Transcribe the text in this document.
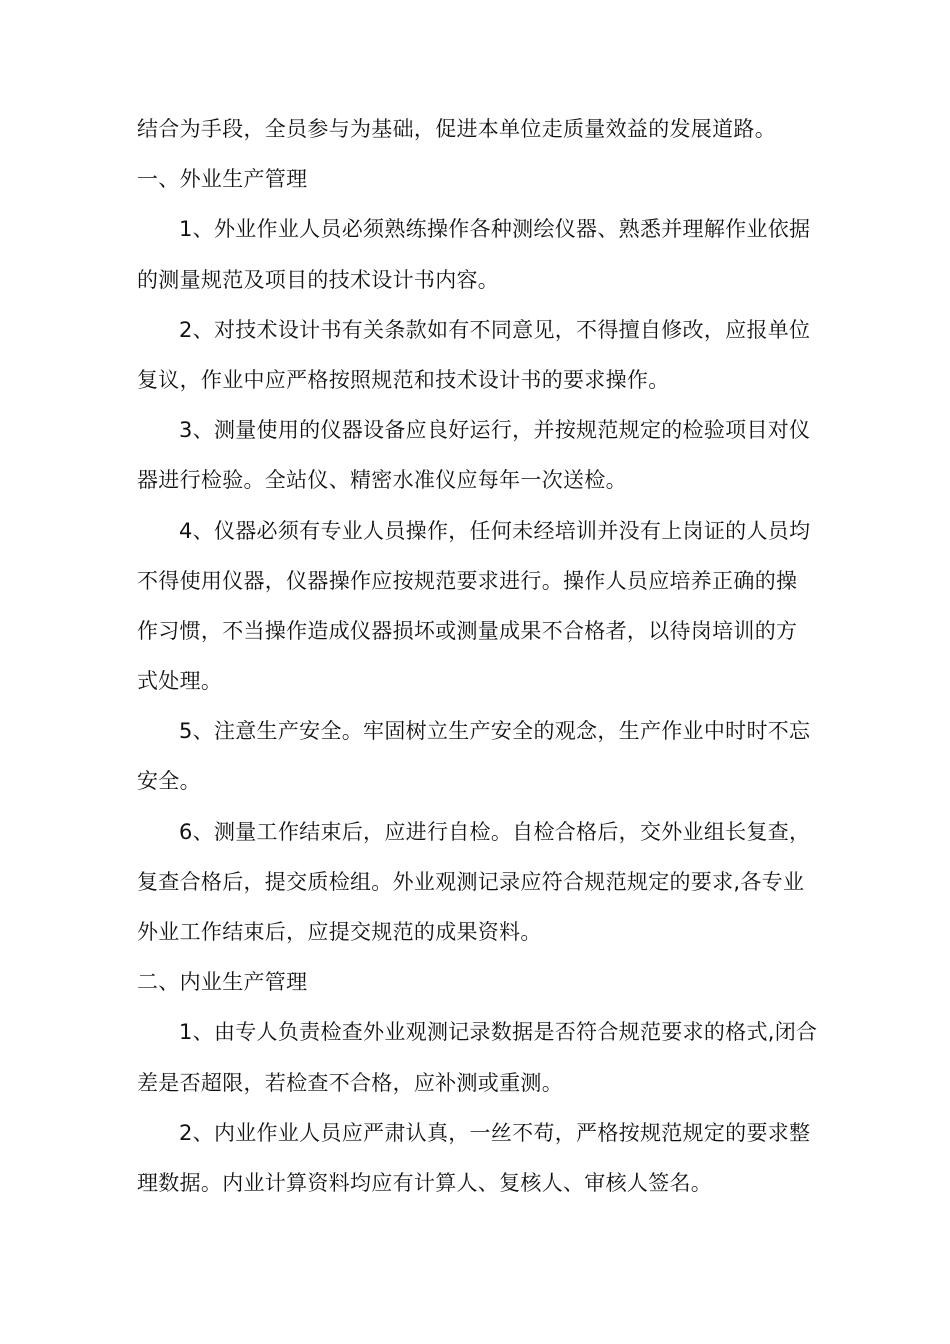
结合为手段，全员参与为基础，促进本单位走质量效益的发展道路。
一、外业生产管理
1、外业作业人员必须熟练操作各种测绘仪器、熟悉并理解作业依据
的测量规范及项目的技术设计书内容。
2、对技术设计书有关条款如有不同意见，不得擅自修改，应报单位
复议，作业中应严格按照规范和技术设计书的要求操作。
3、测量使用的仪器设备应良好运行，并按规范规定的检验项目对仪
器进行检验。全站仪、精密水准仪应每年一次送检。
4、仪器必须有专业人员操作，任何未经培训并没有上岗证的人员均
不得使用仪器，仪器操作应按规范要求进行。操作人员应培养正确的操
作习惯，不当操作造成仪器损坏或测量成果不合格者，以待岗培训的方
式处理。
5、注意生产安全。牢固树立生产安全的观念，生产作业中时时不忘
安全。
6、测量工作结束后，应进行自检。自检合格后，交外业组长复查，
复查合格后，提交质检组。外业观测记录应符合规范规定的要求,各专业
外业工作结束后，应提交规范的成果资料。
二、内业生产管理
1、由专人负责检查外业观测记录数据是否符合规范要求的格式,闭合
差是否超限，若检查不合格，应补测或重测。
2、内业作业人员应严肃认真，一丝不苟，严格按规范规定的要求整
理数据。内业计算资料均应有计算人、复核人、审核人签名。
